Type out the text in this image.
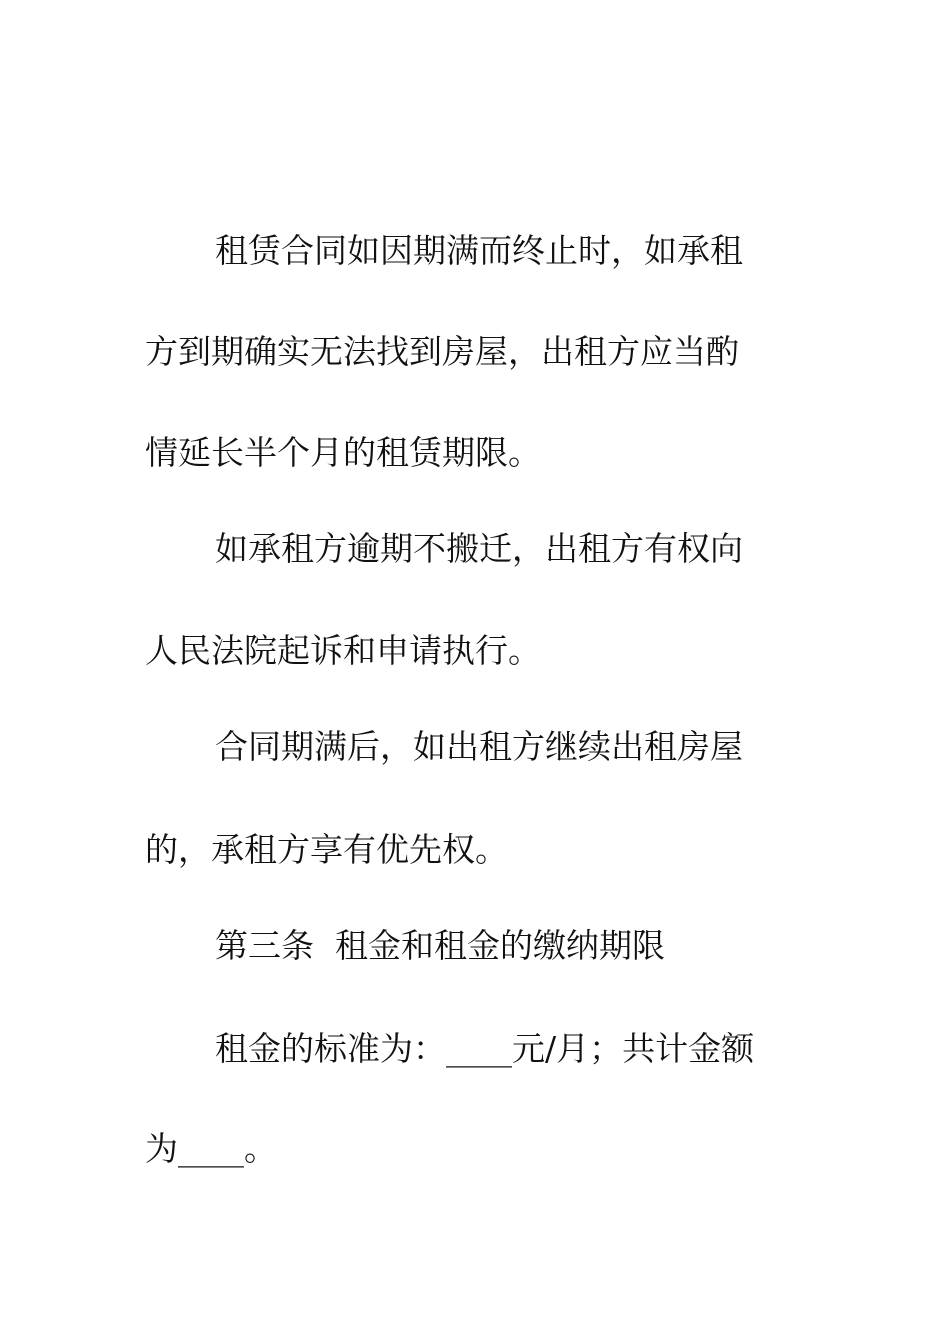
租赁合同如因期满而终止时，如承租
方到期确实无法找到房屋，出租方应当酌
情延长半个月的租赁期限。
如承租方逾期不搬迁，出租方有权向
人民法院起诉和申请执行。
合同期满后，如出租方继续出租房屋
的，承租方享有优先权。
第三条  租金和租金的缴纳期限
租金的标准为：____元/月；共计金额
为____。
